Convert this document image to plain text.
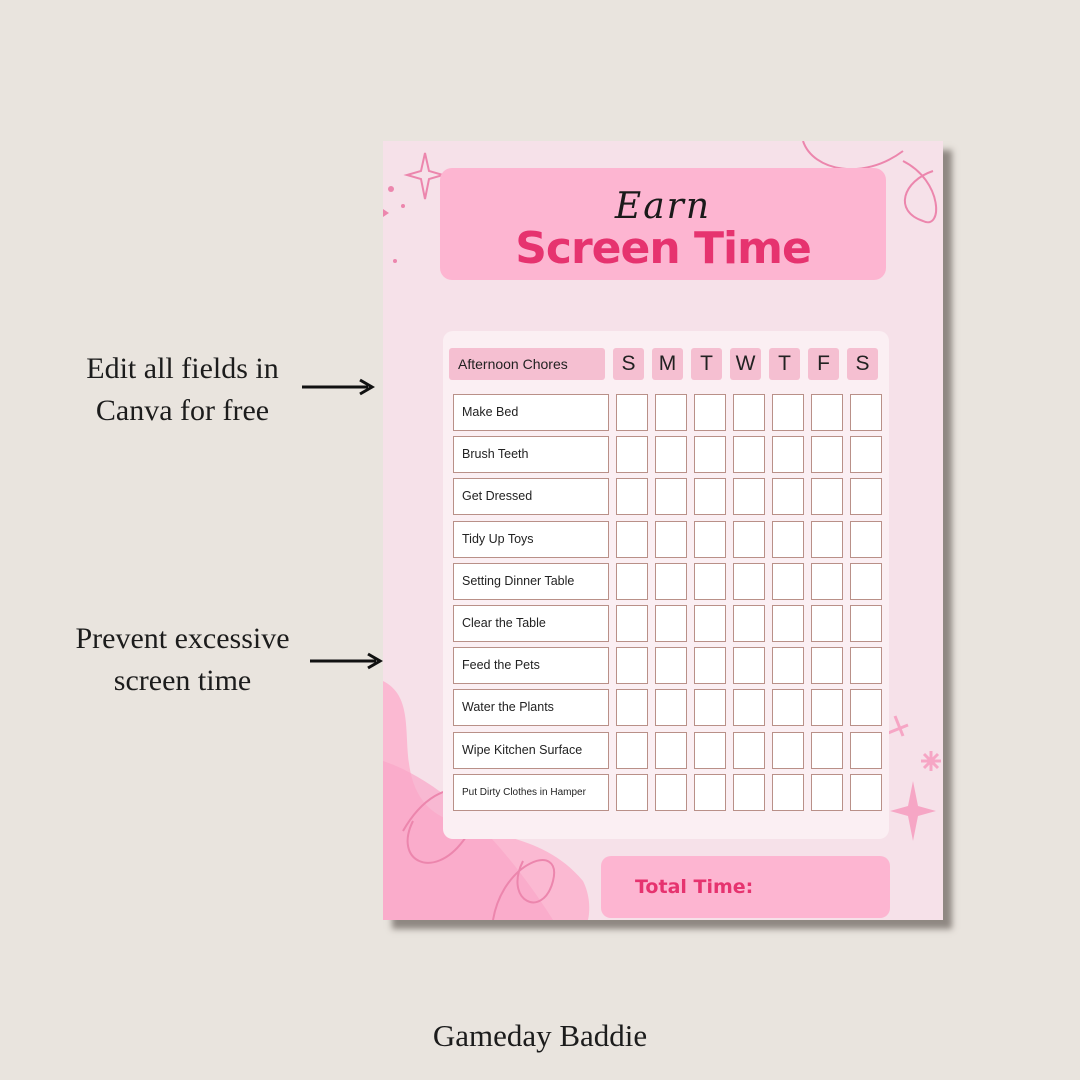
Edit all fields in
Canva for free
Prevent excessive
screen time
Earn
Screen Time
Afternoon Chores	S	M	T	W	T	F	S
Make Bed
Brush Teeth
Get Dressed
Tidy Up Toys
Setting Dinner Table
Clear the Table
Feed the Pets
Water the Plants
Wipe Kitchen Surface
Put Dirty Clothes in Hamper
Total Time:
Gameday Baddie
